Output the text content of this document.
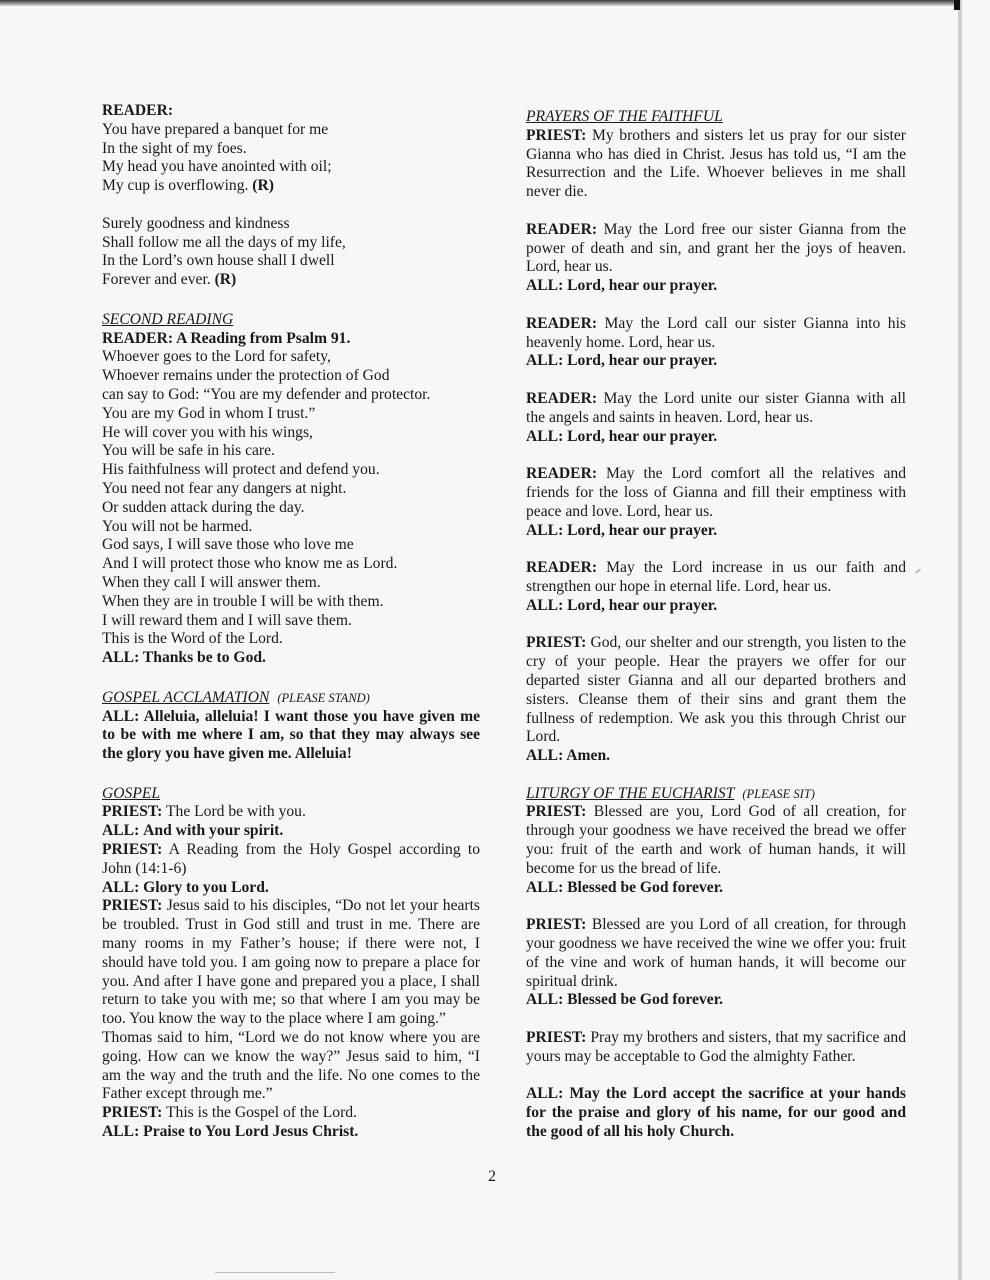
READER:
You have prepared a banquet for me
In the sight of my foes.
My head you have anointed with oil;
My cup is overflowing. (R)
Surely goodness and kindness
Shall follow me all the days of my life,
In the Lord’s own house shall I dwell
Forever and ever. (R)
SECOND READING
READER: A Reading from Psalm 91.
Whoever goes to the Lord for safety,
Whoever remains under the protection of God
can say to God: “You are my defender and protector.
You are my God in whom I trust.”
He will cover you with his wings,
You will be safe in his care.
His faithfulness will protect and defend you.
You need not fear any dangers at night.
Or sudden attack during the day.
You will not be harmed.
God says, I will save those who love me
And I will protect those who know me as Lord.
When they call I will answer them.
When they are in trouble I will be with them.
I will reward them and I will save them.
This is the Word of the Lord.
ALL: Thanks be to God.
GOSPEL ACCLAMATION (PLEASE STAND)

ALL: Alleluia, alleluia! I want those you have given me to be with me where I am, so that they may always see the glory you have given me. Alleluia!

GOSPEL

PRIEST: The Lord be with you.

ALL: And with your spirit.

PRIEST: A Reading from the Holy Gospel according to John (14:1-6)

ALL: Glory to you Lord.

PRIEST: Jesus said to his disciples, “Do not let your hearts be troubled. Trust in God still and trust in me. There are many rooms in my Father’s house; if there were not, I should have told you. I am going now to prepare a place for you. And after I have gone and prepared you a place, I shall return to take you with me; so that where I am you may be too. You know the way to the place where I am going.”

Thomas said to him, “Lord we do not know where you are going. How can we know the way?” Jesus said to him, “I am the way and the truth and the life. No one comes to the Father except through me.”

PRIEST: This is the Gospel of the Lord.

ALL: Praise to You Lord Jesus Christ.

PRAYERS OF THE FAITHFUL

PRIEST: My brothers and sisters let us pray for our sister Gianna who has died in Christ. Jesus has told us, “I am the Resurrection and the Life. Whoever believes in me shall never die.

READER: May the Lord free our sister Gianna from the power of death and sin, and grant her the joys of heaven. Lord, hear us.

ALL: Lord, hear our prayer.

READER: May the Lord call our sister Gianna into his heavenly home. Lord, hear us.

ALL: Lord, hear our prayer.

READER: May the Lord unite our sister Gianna with all the angels and saints in heaven. Lord, hear us.

ALL: Lord, hear our prayer.

READER: May the Lord comfort all the relatives and friends for the loss of Gianna and fill their emptiness with peace and love. Lord, hear us.

ALL: Lord, hear our prayer.

READER: May the Lord increase in us our faith and strengthen our hope in eternal life. Lord, hear us.

ALL: Lord, hear our prayer.

PRIEST: God, our shelter and our strength, you listen to the cry of your people. Hear the prayers we offer for our departed sister Gianna and all our departed brothers and sisters. Cleanse them of their sins and grant them the fullness of redemption. We ask you this through Christ our Lord.

ALL: Amen.
LITURGY OF THE EUCHARIST (PLEASE SIT)

PRIEST: Blessed are you, Lord God of all creation, for through your goodness we have received the bread we offer you: fruit of the earth and work of human hands, it will become for us the bread of life.

ALL: Blessed be God forever.

PRIEST: Blessed are you Lord of all creation, for through your goodness we have received the wine we offer you: fruit of the vine and work of human hands, it will become our spiritual drink.

ALL: Blessed be God forever.

PRIEST: Pray my brothers and sisters, that my sacrifice and yours may be acceptable to God the almighty Father.

ALL: May the Lord accept the sacrifice at your hands for the praise and glory of his name, for our good and the good of all his holy Church.

2
